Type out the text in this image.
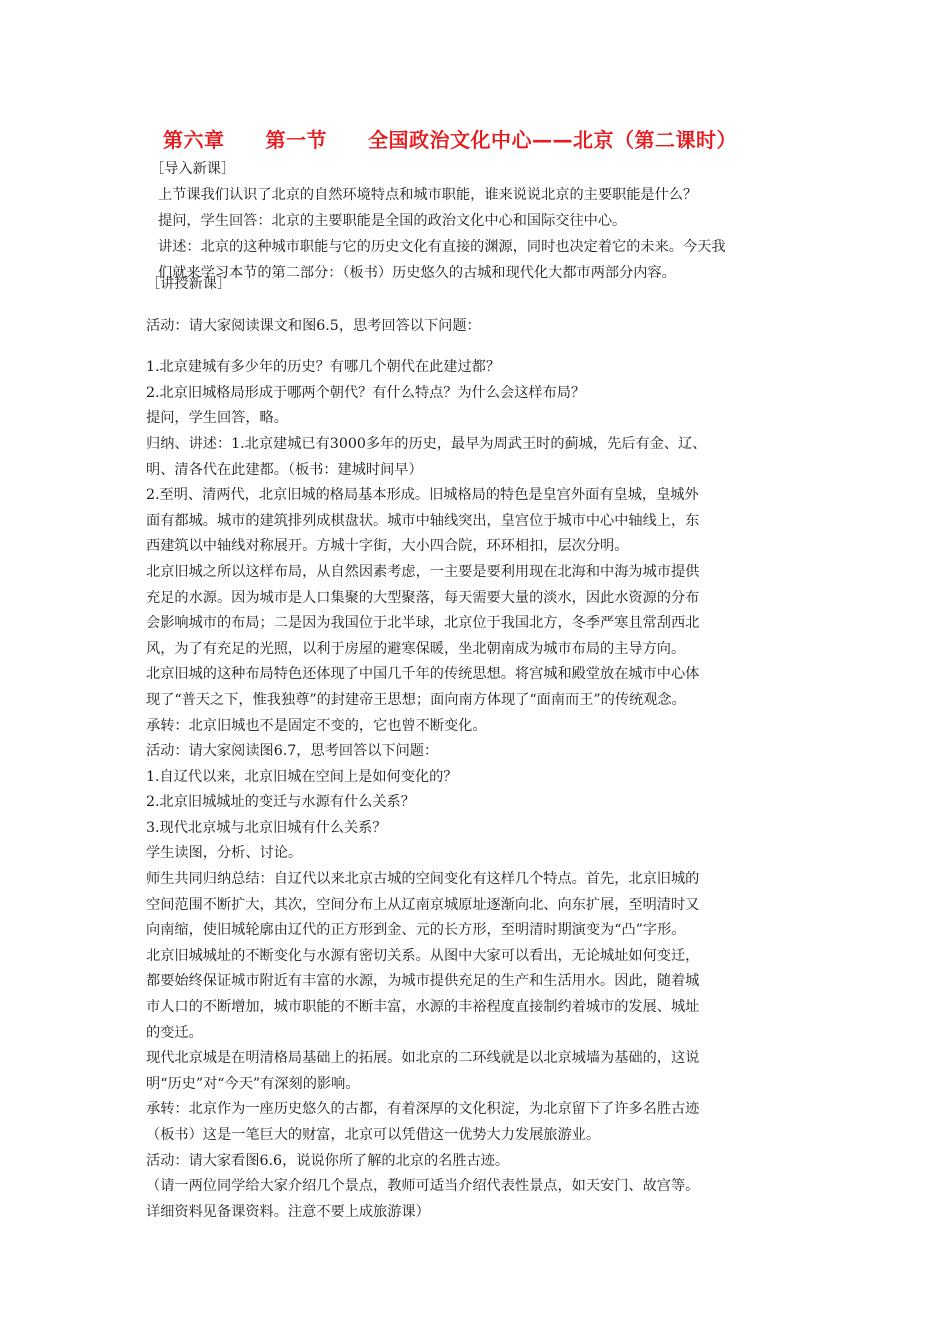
第六章　　第一节　　全国政治文化中心——北京（第二课时）
［导入新课］
上节课我们认识了北京的自然环境特点和城市职能，谁来说说北京的主要职能是什么？
提问，学生回答：北京的主要职能是全国的政治文化中心和国际交往中心。
讲述：北京的这种城市职能与它的历史文化有直接的渊源，同时也决定着它的未来。今天我
们就来学习本节的第二部分：（板书）历史悠久的古城和现代化大都市两部分内容。
［讲授新课］
活动：请大家阅读课文和图6.5，思考回答以下问题：
1.北京建城有多少年的历史？有哪几个朝代在此建过都？
2.北京旧城格局形成于哪两个朝代？有什么特点？为什么会这样布局？
提问，学生回答，略。
归纳、讲述：1.北京建城已有3000多年的历史，最早为周武王时的蓟城，先后有金、辽、
明、清各代在此建都。（板书：建城时间早）
2.至明、清两代，北京旧城的格局基本形成。旧城格局的特色是皇宫外面有皇城，皇城外
面有都城。城市的建筑排列成棋盘状。城市中轴线突出，皇宫位于城市中心中轴线上，东
西建筑以中轴线对称展开。方城十字街，大小四合院，环环相扣，层次分明。
北京旧城之所以这样布局，从自然因素考虑，一主要是要利用现在北海和中海为城市提供
充足的水源。因为城市是人口集聚的大型聚落，每天需要大量的淡水，因此水资源的分布
会影响城市的布局；二是因为我国位于北半球，北京位于我国北方，冬季严寒且常刮西北
风，为了有充足的光照，以利于房屋的避寒保暖，坐北朝南成为城市布局的主导方向。
北京旧城的这种布局特色还体现了中国几千年的传统思想。将宫城和殿堂放在城市中心体
现了“普天之下，惟我独尊”的封建帝王思想；面向南方体现了“面南而王”的传统观念。
承转：北京旧城也不是固定不变的，它也曾不断变化。
活动：请大家阅读图6.7，思考回答以下问题：
1.自辽代以来，北京旧城在空间上是如何变化的？
2.北京旧城城址的变迁与水源有什么关系？
3.现代北京城与北京旧城有什么关系？
学生读图，分析、讨论。
师生共同归纳总结：自辽代以来北京古城的空间变化有这样几个特点。首先，北京旧城的
空间范围不断扩大，其次，空间分布上从辽南京城原址逐渐向北、向东扩展，至明清时又
向南缩，使旧城轮廓由辽代的正方形到金、元的长方形，至明清时期演变为“凸”字形。
北京旧城城址的不断变化与水源有密切关系。从图中大家可以看出，无论城址如何变迁，
都要始终保证城市附近有丰富的水源，为城市提供充足的生产和生活用水。因此，随着城
市人口的不断增加，城市职能的不断丰富，水源的丰裕程度直接制约着城市的发展、城址
的变迁。
现代北京城是在明清格局基础上的拓展。如北京的二环线就是以北京城墙为基础的，这说
明“历史”对“今天”有深刻的影响。
承转：北京作为一座历史悠久的古都，有着深厚的文化积淀，为北京留下了许多名胜古迹
（板书）这是一笔巨大的财富，北京可以凭借这一优势大力发展旅游业。
活动：请大家看图6.6，说说你所了解的北京的名胜古迹。
（请一两位同学给大家介绍几个景点，教师可适当介绍代表性景点，如天安门、故宫等。
详细资料见备课资料。注意不要上成旅游课）
